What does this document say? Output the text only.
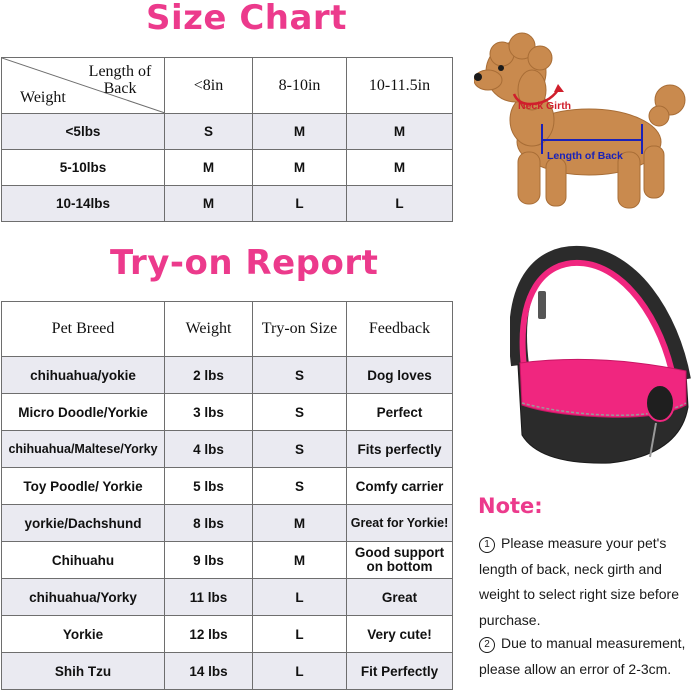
Size Chart
Length of Back
Weight	<8in	8-10in	10-11.5in
<5lbs	S	M	M
5-10lbs	M	M	M
10-14lbs	M	L	L
Try-on Report
Pet Breed	Weight	Try-on Size	Feedback
chihuahua/yokie	2 lbs	S	Dog loves
Micro Doodle/Yorkie	3 lbs	S	Perfect
chihuahua/Maltese/Yorky	4 lbs	S	Fits perfectly
Toy Poodle/ Yorkie	5 lbs	S	Comfy carrier
yorkie/Dachshund	8 lbs	M	Great for Yorkie!
Chihuahu	9 lbs	M	Good support
on bottom

chihuahua/Yorky	11 lbs	L	Great
Yorkie	12 lbs	L	Very cute!
Shih Tzu	14 lbs	L	Fit Perfectly
Neck Girth
Length of Back
Note:

1 Please measure your pet's length of back, neck girth and weight to select right size before purchase.

2 Due to manual measurement, please allow an error of 2-3cm.
